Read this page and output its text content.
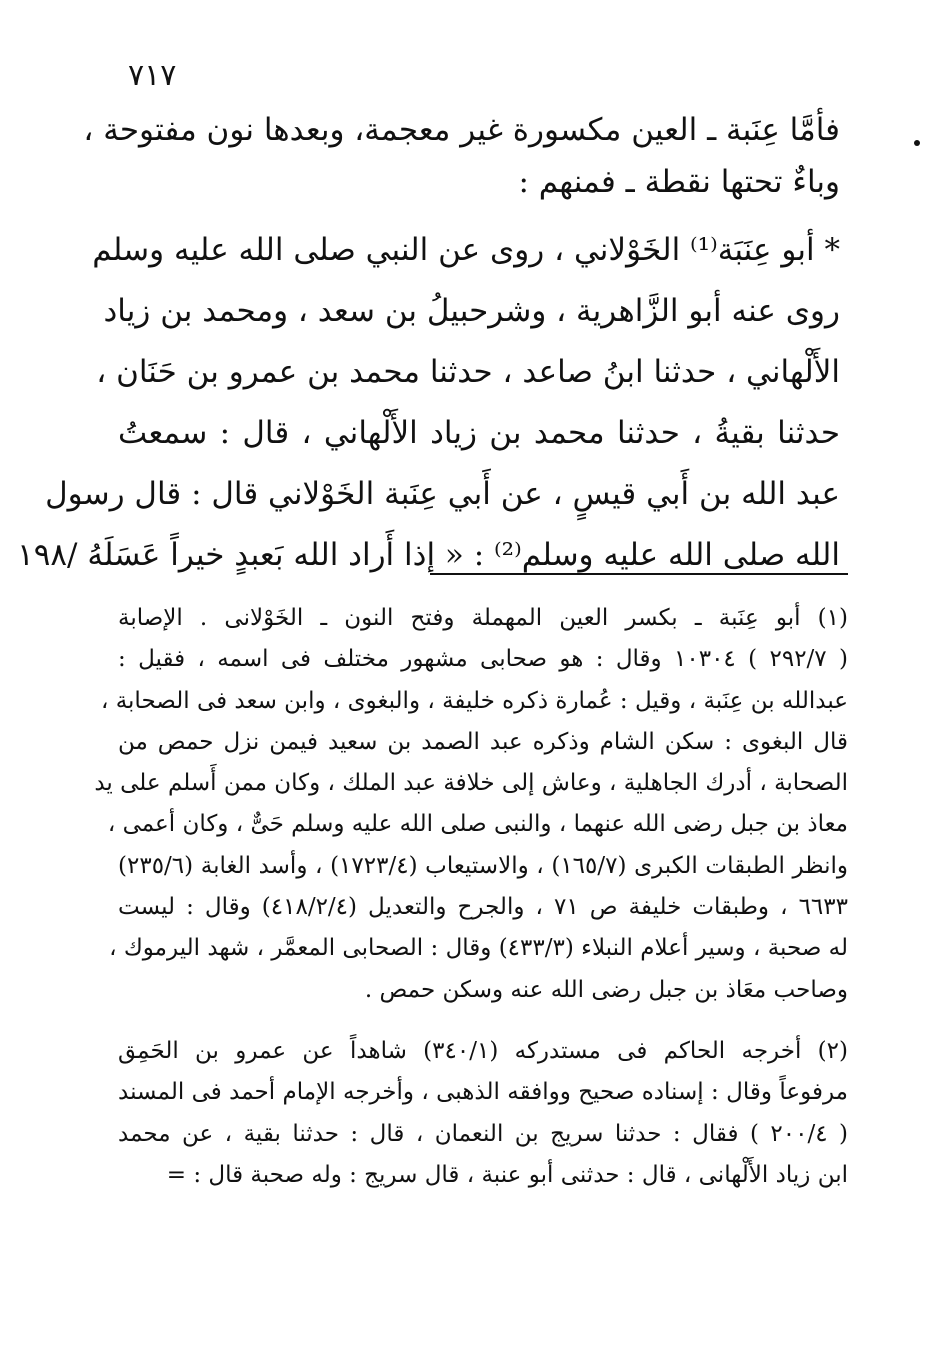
٧١٧
فأمَّا عِنَبة ـ العين مكسورة غير معجمة، وبعدها نون مفتوحة ،
وباءٌ تحتها نقطة ـ فمنهم :
* أبو عِنَبَة⁽¹⁾ الخَوْلاني ، روى عن النبي صلى الله عليه وسلم
روى عنه أبو الزَّاهرية ، وشرحبيلُ بن سعد ، ومحمد بن زياد
الأَلْهاني ، حدثنا ابنُ صاعد ، حدثنا محمد بن عمرو بن حَنَان ،
حدثنا بقيةُ ، حدثنا محمد بن زياد الأَلْهاني ، قال : سمعتُ
عبد الله بن أَبي قيسٍ ، عن أَبي عِنَبة الخَوْلاني قال : قال رسول
الله صلى الله عليه وسلم⁽²⁾ : « إذا أَراد الله بَعبدٍ خيراً عَسَلَهُ /١٩٨
(١) أبو عِنَبة ـ بكسر العين المهملة وفتح النون ـ الخَوْلانى . الإصابة
( ٢٩٢/٧ ) ١٠٣٠٤ وقال : هو صحابى مشهور مختلف فى اسمه ، فقيل :
عبدالله بن عِنَبة ، وقيل : عُمارة ذكره خليفة ، والبغوى ، وابن سعد فى الصحابة ،
قال البغوى : سكن الشام وذكره عبد الصمد بن سعيد فيمن نزل حمص من
الصحابة ، أدرك الجاهلية ، وعاش إلى خلافة عبد الملك ، وكان ممن أَسلم على يد
معاذ بن جبل رضى الله عنهما ، والنبى صلى الله عليه وسلم حَىٌّ ، وكان أعمى ،
وانظر الطبقات الكبرى (١٦٥/٧) ، والاستيعاب (١٧٢٣/٤) ، وأسد الغابة (٢٣٥/٦)
٦٦٣٣ ، وطبقات خليفة ص ٧١ ، والجرح والتعديل (٤١٨/٢/٤) وقال : ليست
له صحبة ، وسير أعلام النبلاء (٤٣٣/٣) وقال : الصحابى المعمَّر ، شهد اليرموك ،
وصاحب معَاذ بن جبل رضى الله عنه وسكن حمص .
(٢) أخرجه الحاكم فى مستدركه (٣٤٠/١) شاهداً عن عمرو بن الحَمِق
مرفوعاً وقال : إسناده صحيح ووافقه الذهبى ، وأخرجه الإمام أحمد فى المسند
( ٢٠٠/٤ ) فقال : حدثنا سريج بن النعمان ، قال : حدثنا بقية ، عن محمد
ابن زياد الأَلْهانى ، قال : حدثنى أبو عنبة ، قال سريج : وله صحبة قال : =
